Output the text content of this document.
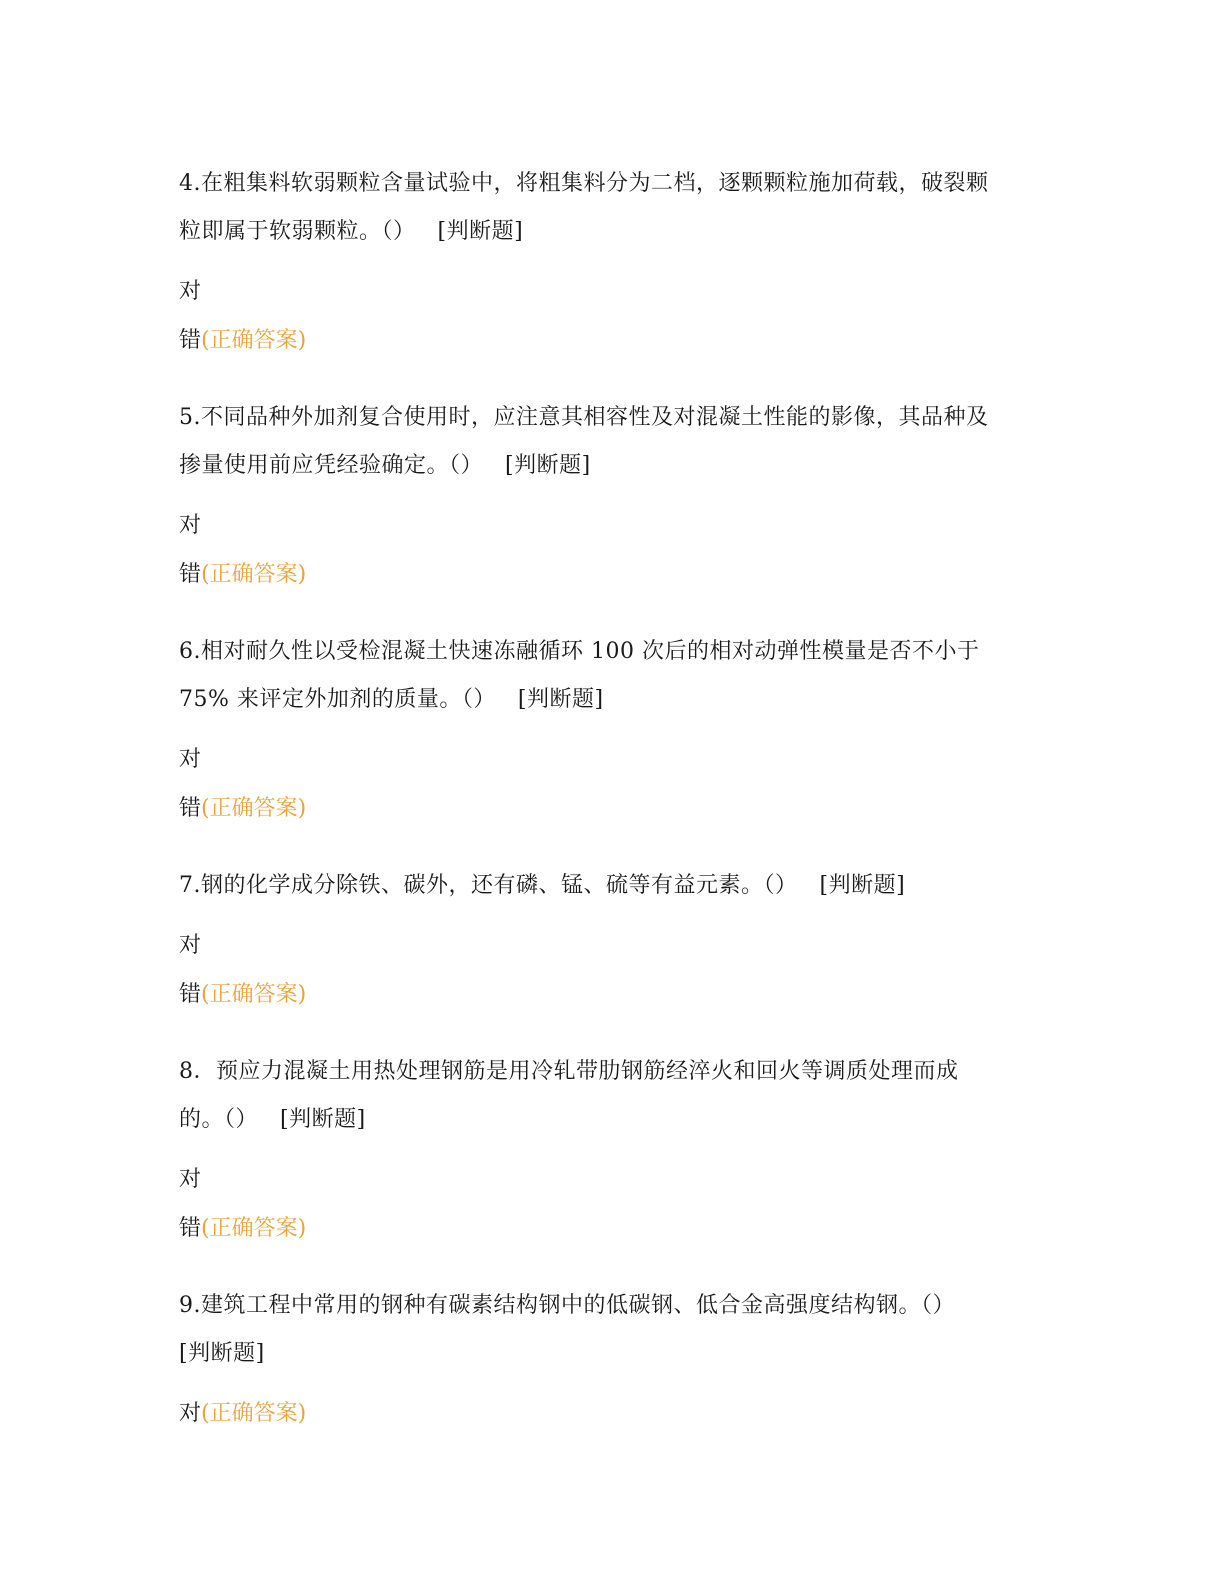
4.在粗集料软弱颗粒含量试验中，将粗集料分为二档，逐颗颗粒施加荷载，破裂颗
粒即属于软弱颗粒。（） [判断题]

对

错(正确答案)

5.不同品种外加剂复合使用时，应注意其相容性及对混凝土性能的影像，其品种及
掺量使用前应凭经验确定。（） [判断题]

对

错(正确答案)

6.相对耐久性以受检混凝土快速冻融循环 100 次后的相对动弹性模量是否不小于
75% 来评定外加剂的质量。（） [判断题]

对

错(正确答案)

7.钢的化学成分除铁、碳外，还有磷、锰、硫等有益元素。（） [判断题]

对

错(正确答案)

8．预应力混凝土用热处理钢筋是用冷轧带肋钢筋经淬火和回火等调质处理而成
的。（） [判断题]

对

错(正确答案)

9.建筑工程中常用的钢种有碳素结构钢中的低碳钢、低合金高强度结构钢。（）
[判断题]

对(正确答案)
